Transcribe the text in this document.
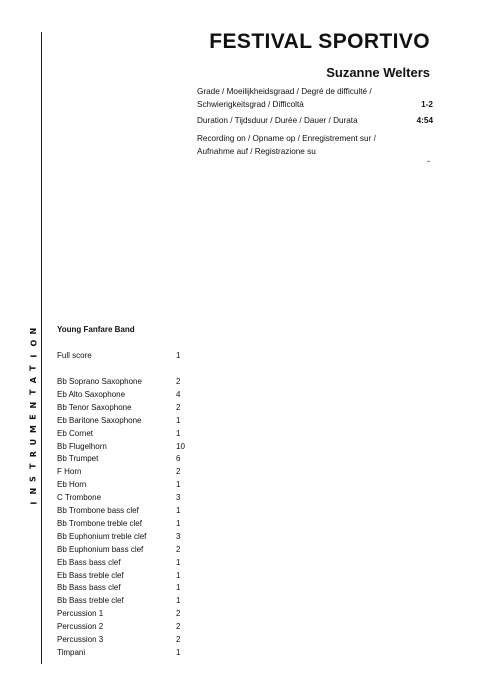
N
O
I
T
A
T
N
E
M
U
R
T
S
N
I
FESTIVAL SPORTIVO
Suzanne Welters
Grade / Moeilijkheidsgraad / Degré de difficulté / Schwierigkeitsgrad / Difficoltà	1-2
Duration / Tijdsduur / Durée / Dauer / Durata	4:54
Recording on / Opname op / Enregistrement sur / Aufnahme auf / Registrazione su
-
Young Fanfare Band
Full score	1
Bb Soprano Saxophone	2
Eb Alto Saxophone	4
Bb Tenor Saxophone	2
Eb Baritone Saxophone	1
Eb Cornet	1
Bb Flugelhorn	10
Bb Trumpet	6
F Horn	2
Eb Horn	1
C Trombone	3
Bb Trombone bass clef	1
Bb Trombone treble clef	1
Bb Euphonium treble clef	3
Bb Euphonium bass clef	2
Eb Bass bass clef	1
Eb Bass treble clef	1
Bb Bass bass clef	1
Bb Bass treble clef	1
Percussion 1	2
Percussion 2	2
Percussion 3	2
Timpani	1
